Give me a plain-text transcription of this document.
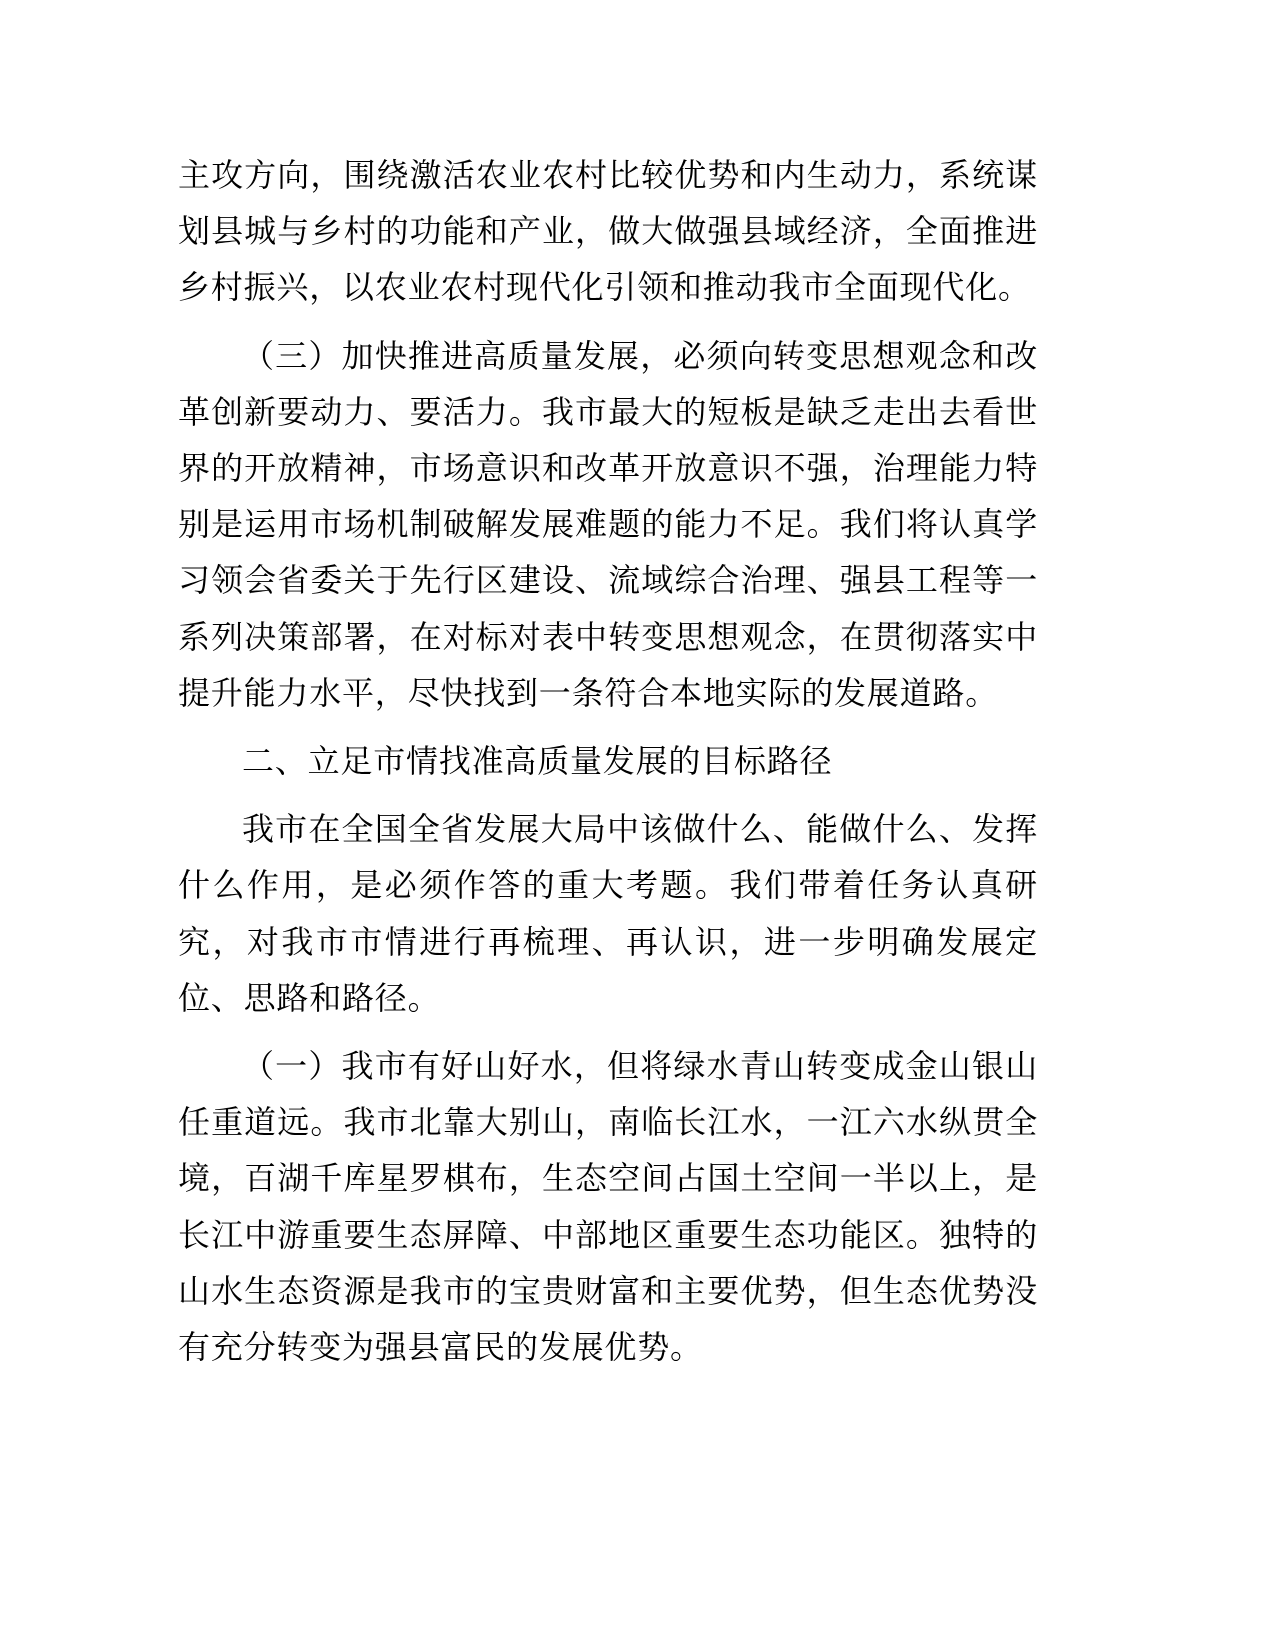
主攻方向，围绕激活农业农村比较优势和内生动力，系统谋划县城与乡村的功能和产业，做大做强县域经济，全面推进乡村振兴，以农业农村现代化引领和推动我市全面现代化。

（三）加快推进高质量发展，必须向转变思想观念和改革创新要动力、要活力。我市最大的短板是缺乏走出去看世界的开放精神，市场意识和改革开放意识不强，治理能力特别是运用市场机制破解发展难题的能力不足。我们将认真学习领会省委关于先行区建设、流域综合治理、强县工程等一系列决策部署，在对标对表中转变思想观念，在贯彻落实中提升能力水平，尽快找到一条符合本地实际的发展道路。

二、立足市情找准高质量发展的目标路径

我市在全国全省发展大局中该做什么、能做什么、发挥什么作用，是必须作答的重大考题。我们带着任务认真研究，对我市市情进行再梳理、再认识，进一步明确发展定位、思路和路径。

（一）我市有好山好水，但将绿水青山转变成金山银山任重道远。我市北靠大别山，南临长江水，一江六水纵贯全境，百湖千库星罗棋布，生态空间占国土空间一半以上，是长江中游重要生态屏障、中部地区重要生态功能区。独特的山水生态资源是我市的宝贵财富和主要优势，但生态优势没有充分转变为强县富民的发展优势。
